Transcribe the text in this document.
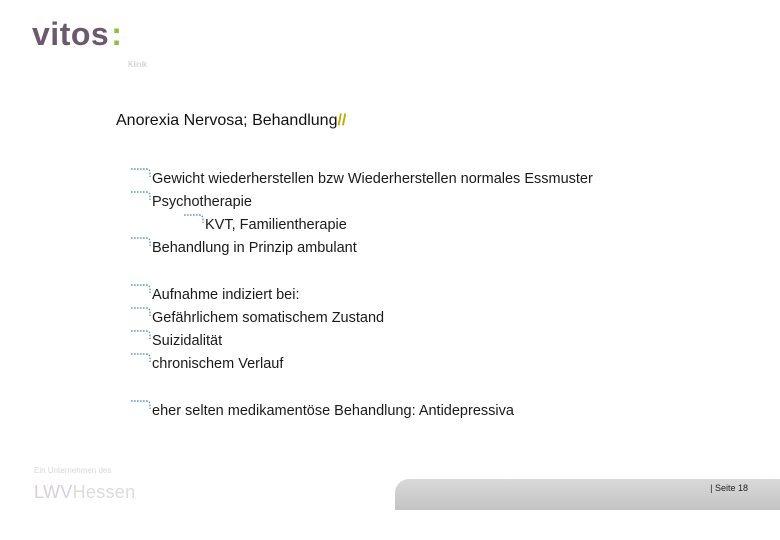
vitos:
Klinik
Anorexia Nervosa; Behandlung//
Gewicht wiederherstellen bzw Wiederherstellen normales Essmuster
Psychotherapie
KVT, Familientherapie
Behandlung in Prinzip ambulant
Aufnahme indiziert bei:
Gefährlichem somatischem Zustand
Suizidalität
chronischem Verlauf
eher selten medikamentöse Behandlung: Antidepressiva
Ein Unternehmen des
LWVHessen	| Seite 18
